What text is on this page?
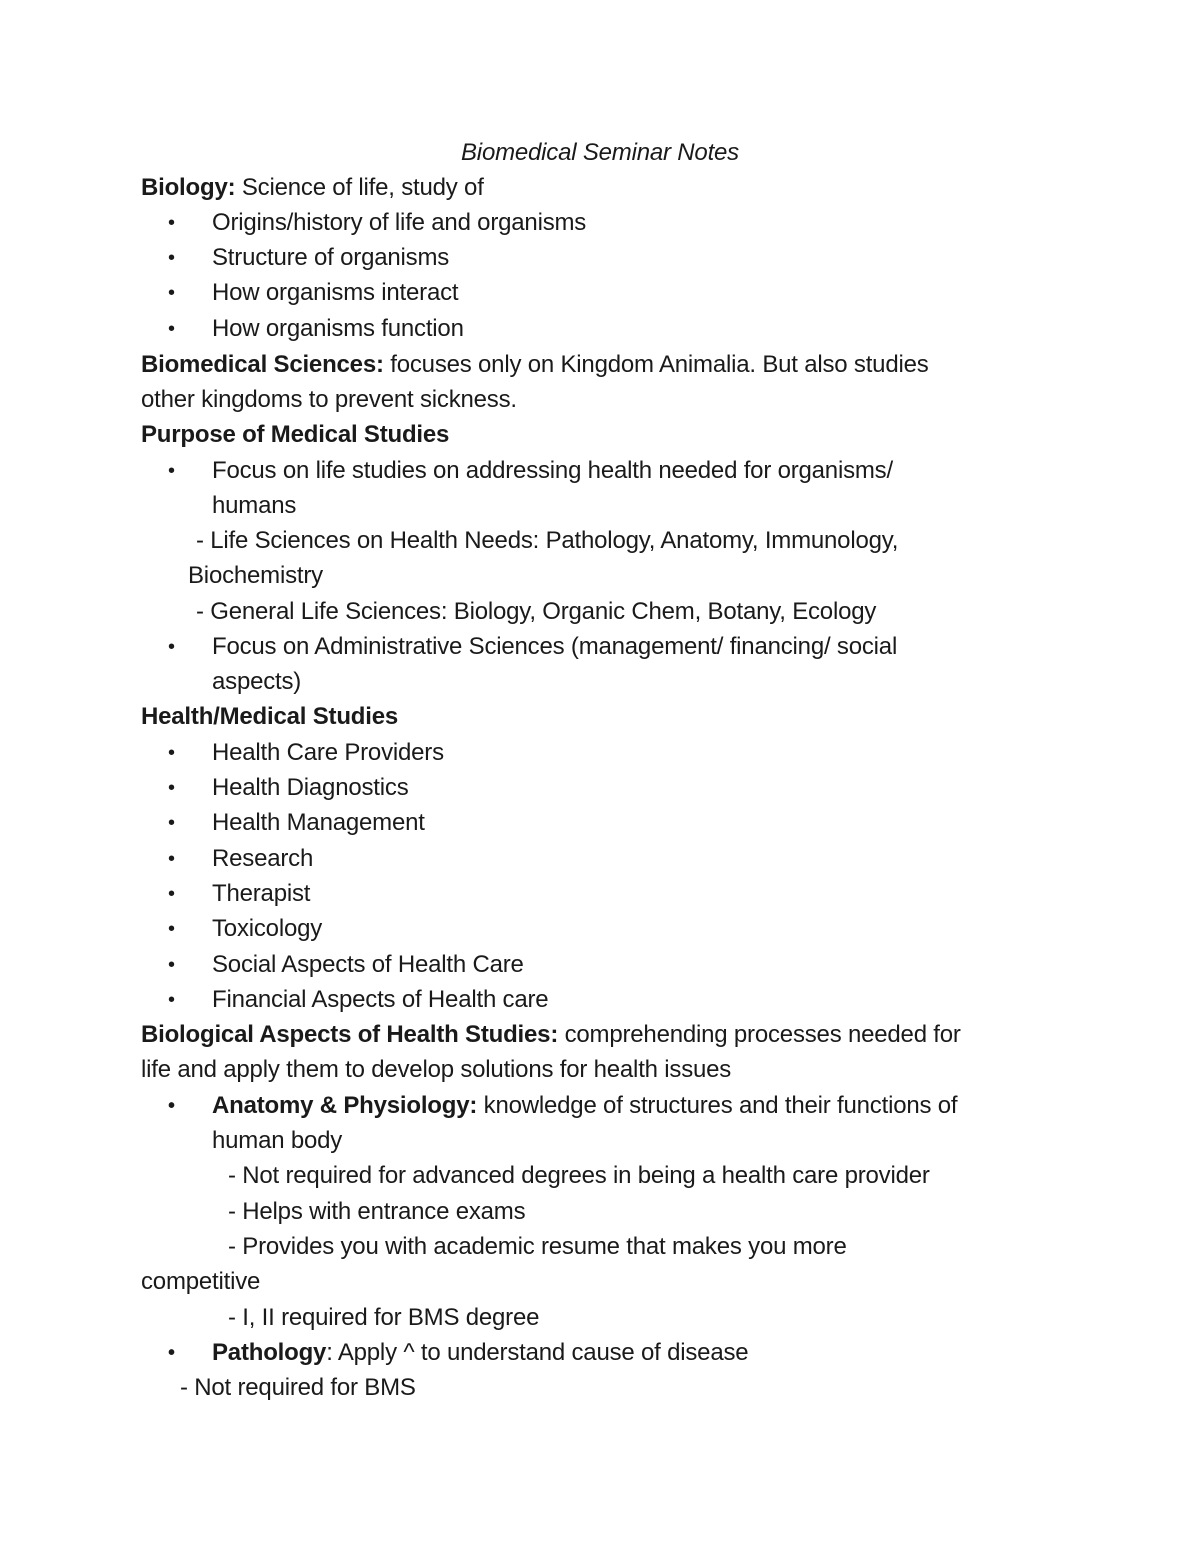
Biomedical Seminar Notes
Biology: Science of life, study of
• Origins/history of life and organisms
• Structure of organisms
• How organisms interact
• How organisms function
Biomedical Sciences: focuses only on Kingdom Animalia. But also studies
other kingdoms to prevent sickness.
Purpose of Medical Studies
• Focus on life studies on addressing health needed for organisms/
humans
- Life Sciences on Health Needs: Pathology, Anatomy, Immunology,
Biochemistry
- General Life Sciences: Biology, Organic Chem, Botany, Ecology
• Focus on Administrative Sciences (management/ financing/ social
aspects)
Health/Medical Studies
• Health Care Providers
• Health Diagnostics
• Health Management
• Research
• Therapist
• Toxicology
• Social Aspects of Health Care
• Financial Aspects of Health care
Biological Aspects of Health Studies: comprehending processes needed for
life and apply them to develop solutions for health issues
• Anatomy & Physiology: knowledge of structures and their functions of
human body
- Not required for advanced degrees in being a health care provider
- Helps with entrance exams
- Provides you with academic resume that makes you more
competitive
- I, II required for BMS degree
• Pathology: Apply ^ to understand cause of disease
- Not required for BMS
